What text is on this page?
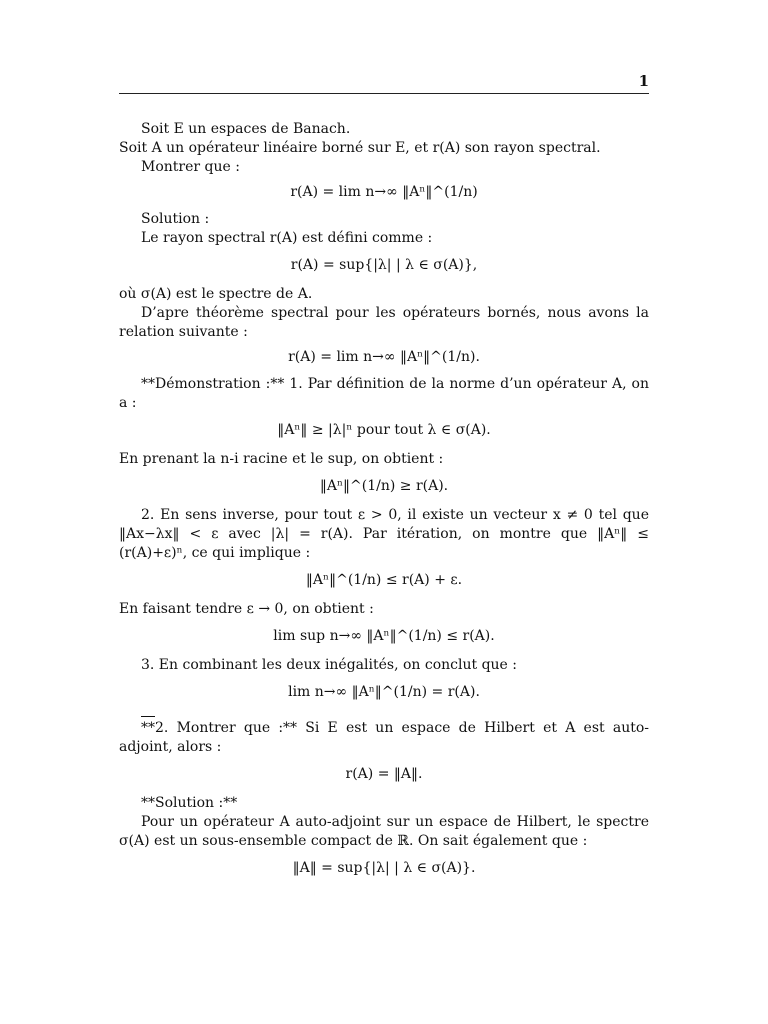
1

Soit E un espaces de Banach.

Soit A un opérateur linéaire borné sur E, et r(A) son rayon spectral.

Montrer que :

r(A) = lim n→∞ ‖Aⁿ‖^(1/n)

Solution :

Le rayon spectral r(A) est défini comme :

r(A) = sup{|λ| | λ ∈ σ(A)},

où σ(A) est le spectre de A.

D’apre théorème spectral pour les opérateurs bornés, nous avons la relation suivante :

r(A) = lim n→∞ ‖Aⁿ‖^(1/n).

**Démonstration :** 1. Par définition de la norme d’un opérateur A, on a :

‖Aⁿ‖ ≥ |λ|ⁿ pour tout λ ∈ σ(A).

En prenant la n-i racine et le sup, on obtient :

‖Aⁿ‖^(1/n) ≥ r(A).

2. En sens inverse, pour tout ε > 0, il existe un vecteur x ≠ 0 tel que ‖Ax−λx‖ < ε avec |λ| = r(A). Par itération, on montre que ‖Aⁿ‖ ≤ (r(A)+ε)ⁿ, ce qui implique :

‖Aⁿ‖^(1/n) ≤ r(A) + ε.

En faisant tendre ε → 0, on obtient :

lim sup n→∞ ‖Aⁿ‖^(1/n) ≤ r(A).

3. En combinant les deux inégalités, on conclut que :

lim n→∞ ‖Aⁿ‖^(1/n) = r(A).

**2. Montrer que :** Si E est un espace de Hilbert et A est auto-adjoint, alors :

r(A) = ‖A‖.

**Solution :**

Pour un opérateur A auto-adjoint sur un espace de Hilbert, le spectre σ(A) est un sous-ensemble compact de ℝ. On sait également que :

‖A‖ = sup{|λ| | λ ∈ σ(A)}.
